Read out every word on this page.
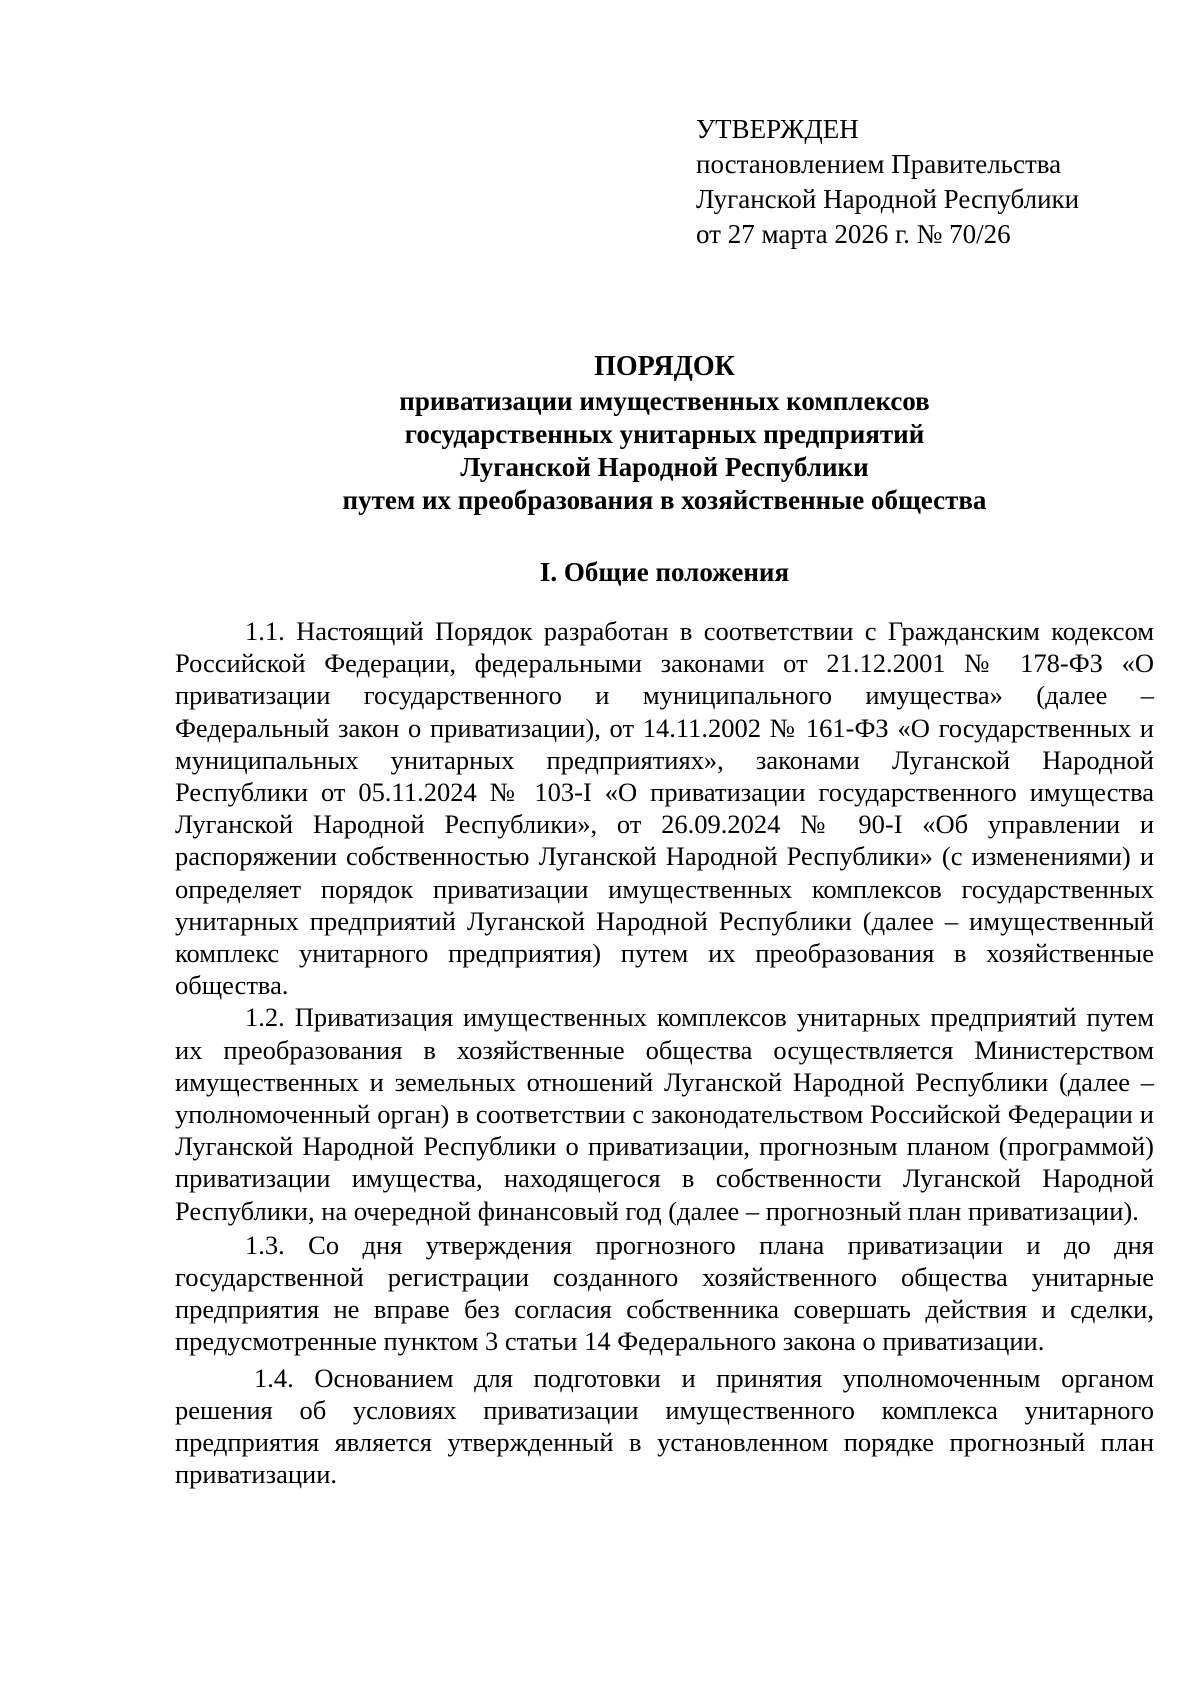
УТВЕРЖДЕН
постановлением Правительства
Луганской Народной Республики
от 27 марта 2026 г. № 70/26
ПОРЯДОК
приватизации имущественных комплексов
государственных унитарных предприятий
Луганской Народной Республики
путем их преобразования в хозяйственные общества
I. Общие положения

1.1. Настоящий Порядок разработан в соответствии с Гражданским кодексом Российской Федерации, федеральными законами от 21.12.2001 № 178-ФЗ «О приватизации государственного и муниципального имущества» (далее – Федеральный закон о приватизации), от 14.11.2002 № 161-ФЗ «О государственных и муниципальных унитарных предприятиях», законами Луганской Народной Республики от 05.11.2024 № 103-I «О приватизации государственного имущества Луганской Народной Республики», от 26.09.2024 № 90-I «Об управлении и распоряжении собственностью Луганской Народной Республики» (с изменениями) и определяет порядок приватизации имущественных комплексов государственных унитарных предприятий Луганской Народной Республики (далее – имущественный комплекс унитарного предприятия) путем их преобразования в хозяйственные общества.

1.2. Приватизация имущественных комплексов унитарных предприятий путем их преобразования в хозяйственные общества осуществляется Министерством имущественных и земельных отношений Луганской Народной Республики (далее – уполномоченный орган) в соответствии с законодательством Российской Федерации и Луганской Народной Республики о приватизации, прогнозным планом (программой) приватизации имущества, находящегося в собственности Луганской Народной Республики, на очередной финансовый год (далее – прогнозный план приватизации).

1.3. Со дня утверждения прогнозного плана приватизации и до дня государственной регистрации созданного хозяйственного общества унитарные предприятия не вправе без согласия собственника совершать действия и сделки, предусмотренные пунктом 3 статьи 14 Федерального закона о приватизации.

1.4. Основанием для подготовки и принятия уполномоченным органом решения об условиях приватизации имущественного комплекса унитарного предприятия является утвержденный в установленном порядке прогнозный план приватизации.
